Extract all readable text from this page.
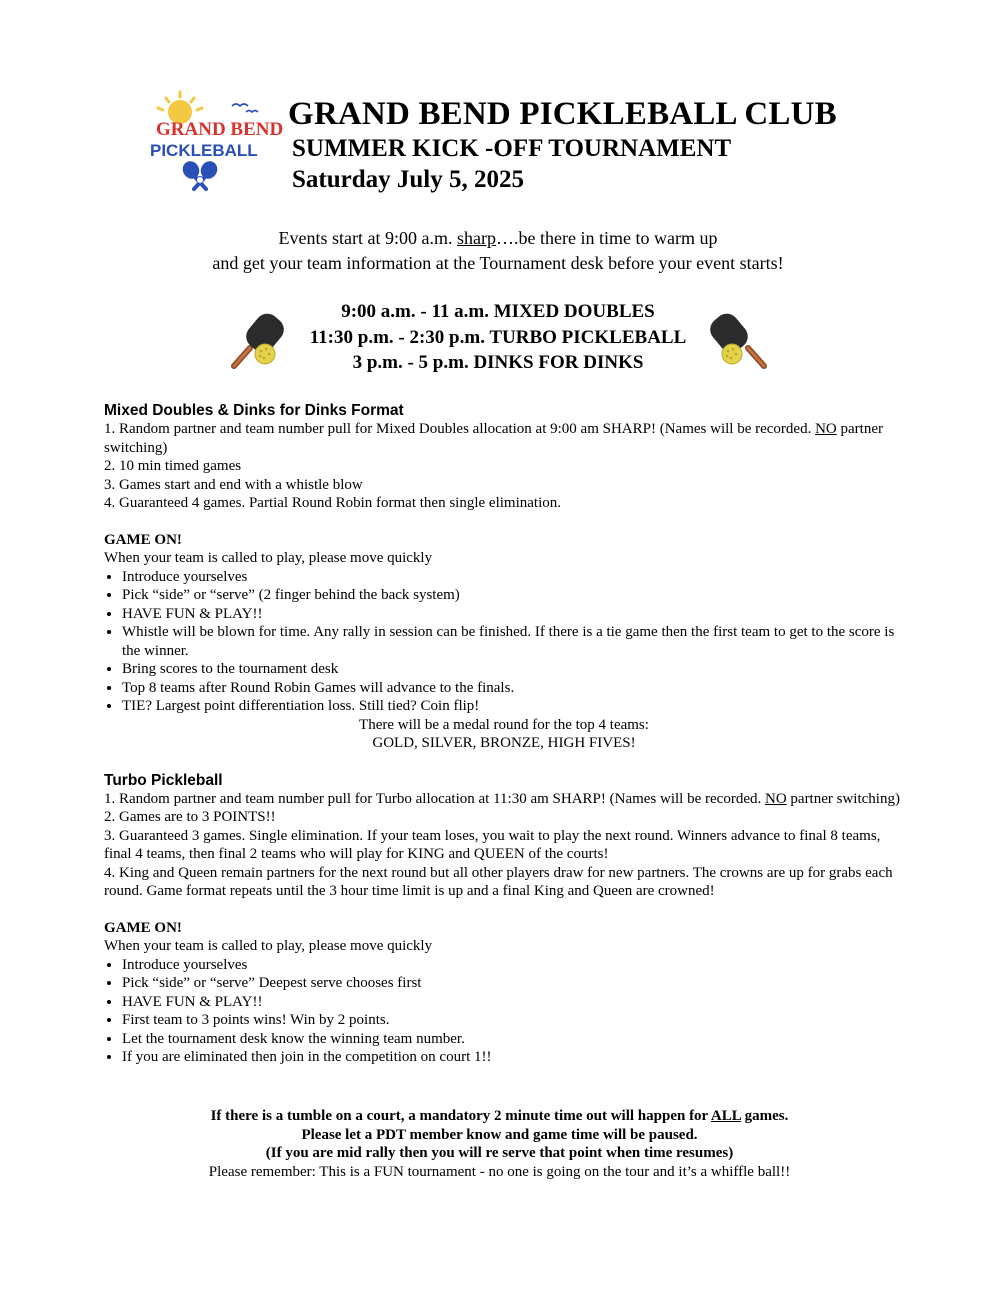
GRAND BEND
PICKLEBALL
GRAND BEND PICKLEBALL CLUB
SUMMER KICK -OFF TOURNAMENT
Saturday July 5, 2025
Events start at 9:00 a.m. sharp….be there in time to warm up
and get your team information at the Tournament desk before your event starts!
9:00 a.m. - 11 a.m. MIXED DOUBLES
11:30 p.m. - 2:30 p.m. TURBO PICKLEBALL
3 p.m. - 5 p.m. DINKS FOR DINKS
Mixed Doubles & Dinks for Dinks Format
1. Random partner and team number pull for Mixed Doubles allocation at 9:00 am SHARP! (Names will be recorded. NO partner switching)
2. 10 min timed games
3. Games start and end with a whistle blow
4. Guaranteed 4 games. Partial Round Robin format then single elimination.
GAME ON!
When your team is called to play, please move quickly
• Introduce yourselves
• Pick “side” or “serve” (2 finger behind the back system)
• HAVE FUN & PLAY!!
• Whistle will be blown for time. Any rally in session can be finished. If there is a tie game then the first team to get to the score is the winner.
• Bring scores to the tournament desk
• Top 8 teams after Round Robin Games will advance to the finals.
• TIE? Largest point differentiation loss. Still tied? Coin flip!
There will be a medal round for the top 4 teams:
GOLD, SILVER, BRONZE, HIGH FIVES!
Turbo Pickleball
1. Random partner and team number pull for Turbo allocation at 11:30 am SHARP! (Names will be recorded. NO partner switching)
2. Games are to 3 POINTS!!
3. Guaranteed 3 games. Single elimination. If your team loses, you wait to play the next round. Winners advance to final 8 teams, final 4 teams, then final 2 teams who will play for KING and QUEEN of the courts!
4. King and Queen remain partners for the next round but all other players draw for new partners. The crowns are up for grabs each round. Game format repeats until the 3 hour time limit is up and a final King and Queen are crowned!
GAME ON!
When your team is called to play, please move quickly
• Introduce yourselves
• Pick “side” or “serve” Deepest serve chooses first
• HAVE FUN & PLAY!!
• First team to 3 points wins! Win by 2 points.
• Let the tournament desk know the winning team number.
• If you are eliminated then join in the competition on court 1!!
If there is a tumble on a court, a mandatory 2 minute time out will happen for ALL games.
Please let a PDT member know and game time will be paused.
(If you are mid rally then you will re serve that point when time resumes)
Please remember: This is a FUN tournament - no one is going on the tour and it’s a whiffle ball!!
